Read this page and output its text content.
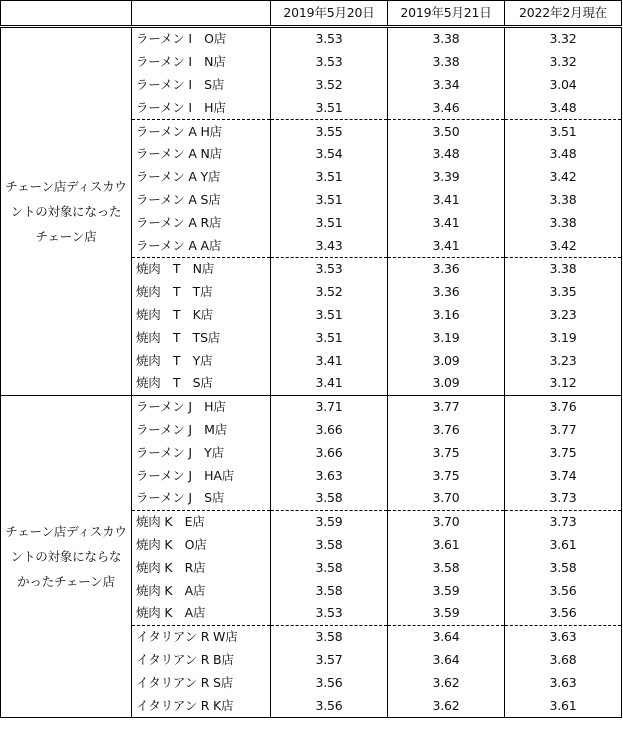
		2019年5月20日	2019年5月21日	2022年2月現在
チェーン店ディスカウントの対象になったチェーン店	ラーメン I　O店	3.53	3.38	3.32
	ラーメン I　N店	3.53	3.38	3.32
	ラーメン I　S店	3.52	3.34	3.04
	ラーメン I　H店	3.51	3.46	3.48
	ラーメン A H店	3.55	3.50	3.51
	ラーメン A N店	3.54	3.48	3.48
	ラーメン A Y店	3.51	3.39	3.42
	ラーメン A S店	3.51	3.41	3.38
	ラーメン A R店	3.51	3.41	3.38
	ラーメン A A店	3.43	3.41	3.42
	焼肉　T　N店	3.53	3.36	3.38
	焼肉　T　T店	3.52	3.36	3.35
	焼肉　T　K店	3.51	3.16	3.23
	焼肉　T　TS店	3.51	3.19	3.19
	焼肉　T　Y店	3.41	3.09	3.23
	焼肉　T　S店	3.41	3.09	3.12
チェーン店ディスカウントの対象にならなかったチェーン店	ラーメン J　H店	3.71	3.77	3.76
	ラーメン J　M店	3.66	3.76	3.77
	ラーメン J　Y店	3.66	3.75	3.75
	ラーメン J　HA店	3.63	3.75	3.74
	ラーメン J　S店	3.58	3.70	3.73
	焼肉 K　E店	3.59	3.70	3.73
	焼肉 K　O店	3.58	3.61	3.61
	焼肉 K　R店	3.58	3.58	3.58
	焼肉 K　A店	3.58	3.59	3.56
	焼肉 K　A店	3.53	3.59	3.56
	イタリアン R W店	3.58	3.64	3.63
	イタリアン R B店	3.57	3.64	3.68
	イタリアン R S店	3.56	3.62	3.63
	イタリアン R K店	3.56	3.62	3.61
